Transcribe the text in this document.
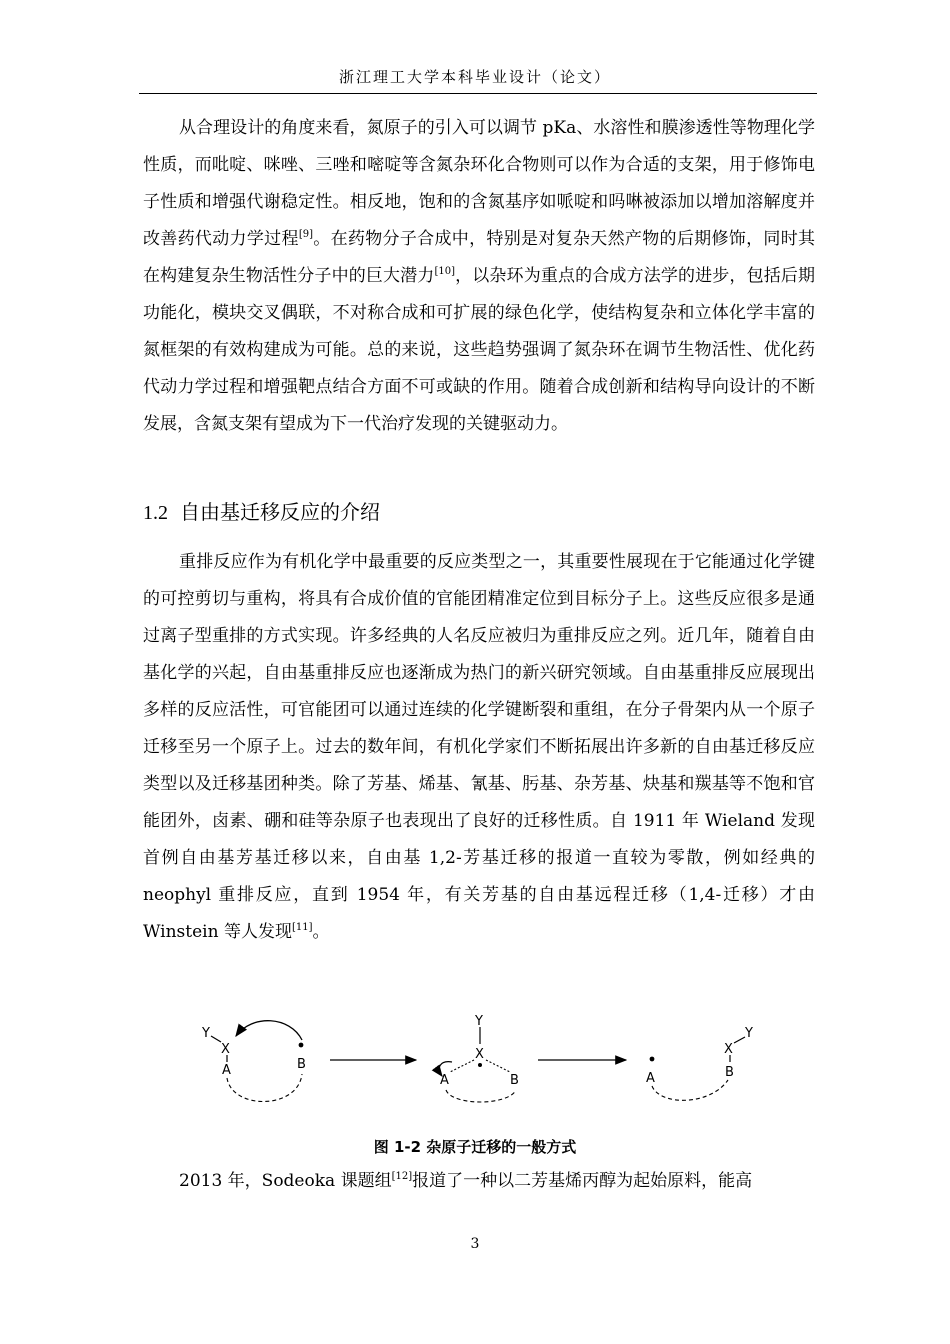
浙江理工大学本科毕业设计（论文）

从合理设计的角度来看，氮原子的引入可以调节 pKa、水溶性和膜渗透性等物理化学性质，而吡啶、咪唑、三唑和嘧啶等含氮杂环化合物则可以作为合适的支架，用于修饰电子性质和增强代谢稳定性。相反地，饱和的含氮基序如哌啶和吗啉被添加以增加溶解度并改善药代动力学过程[9]。在药物分子合成中，特别是对复杂天然产物的后期修饰，同时其在构建复杂生物活性分子中的巨大潜力[10]，以杂环为重点的合成方法学的进步，包括后期功能化，模块交叉偶联，不对称合成和可扩展的绿色化学，使结构复杂和立体化学丰富的氮框架的有效构建成为可能。总的来说，这些趋势强调了氮杂环在调节生物活性、优化药代动力学过程和增强靶点结合方面不可或缺的作用。随着合成创新和结构导向设计的不断发展，含氮支架有望成为下一代治疗发现的关键驱动力。

1.2 自由基迁移反应的介绍

重排反应作为有机化学中最重要的反应类型之一，其重要性展现在于它能通过化学键的可控剪切与重构，将具有合成价值的官能团精准定位到目标分子上。这些反应很多是通过离子型重排的方式实现。许多经典的人名反应被归为重排反应之列。近几年，随着自由基化学的兴起，自由基重排反应也逐渐成为热门的新兴研究领域。自由基重排反应展现出多样的反应活性，可官能团可以通过连续的化学键断裂和重组，在分子骨架内从一个原子迁移至另一个原子上。过去的数年间，有机化学家们不断拓展出许多新的自由基迁移反应类型以及迁移基团种类。除了芳基、烯基、氰基、肟基、杂芳基、炔基和羰基等不饱和官能团外，卤素、硼和硅等杂原子也表现出了良好的迁移性质。自 1911 年 Wieland 发现首例自由基芳基迁移以来，自由基 1,2-芳基迁移的报道一直较为零散，例如经典的 neophyl 重排反应，直到 1954 年，有关芳基的自由基远程迁移（1,4-迁移）才由 Winstein 等人发现[11]。

Y
X
A	B
Y
X
A	B	A
Y
X
B
图 1-2 杂原子迁移的一般方式

2013 年，Sodeoka 课题组[12]报道了一种以二芳基烯丙醇为起始原料，能高

3
